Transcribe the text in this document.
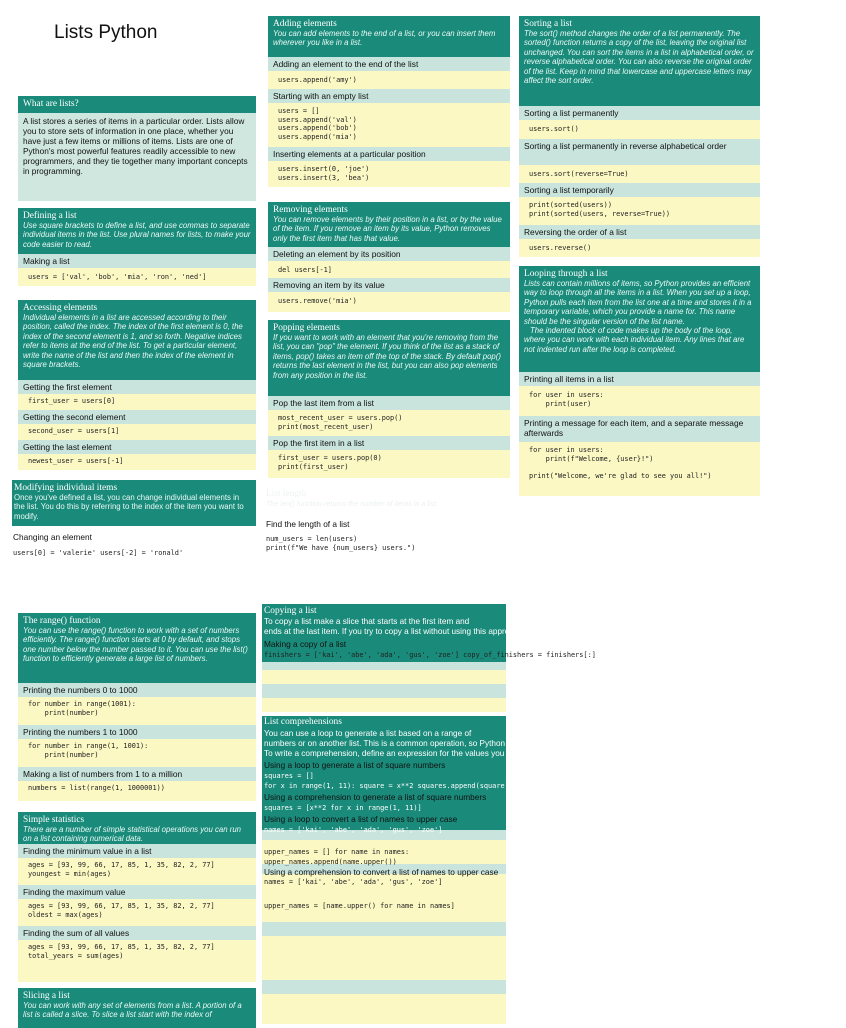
Lists Python
What are lists?
A list stores a series of items in a particular order. Lists allow you to store sets of information in one place, whether you have just a few items or millions of items. Lists are one of Python's most powerful features readily accessible to new programmers, and they tie together many important concepts in programming.
Defining a list
Use square brackets to define a list, and use commas to separate individual items in the list. Use plural names for lists, to make your code easier to read.
Making a list
users = ['val', 'bob', 'mia', 'ron', 'ned']
Accessing elements
Individual elements in a list are accessed according to their position, called the index. The index of the first element is 0, the index of the second element is 1, and so forth. Negative indices refer to items at the end of the list. To get a particular element, write the name of the list and then the index of the element in square brackets.
Getting the first element
first_user = users[0]
Getting the second element
second_user = users[1]
Getting the last element
newest_user = users[-1]
Modifying individual items
Once you've defined a list, you can change individual elements in the list. You do this by referring to the index of the item you want to modify.
Changing an element
users[0] = 'valerie' users[-2] = 'ronald'
The range() function
You can use the range() function to work with a set of numbers efficiently. The range() function starts at 0 by default, and stops one number below the number passed to it. You can use the list() function to efficiently generate a large list of numbers.
Printing the numbers 0 to 1000
for number in range(1001):
print(number)
Printing the numbers 1 to 1000
for number in range(1, 1001):
print(number)
Making a list of numbers from 1 to a million
numbers = list(range(1, 1000001))
Simple statistics
There are a number of simple statistical operations you can run on a list containing numerical data.
Finding the minimum value in a list
ages = [93, 99, 66, 17, 85, 1, 35, 82, 2, 77]
youngest = min(ages)
Finding the maximum value
ages = [93, 99, 66, 17, 85, 1, 35, 82, 2, 77]
oldest = max(ages)
Finding the sum of all values
ages = [93, 99, 66, 17, 85, 1, 35, 82, 2, 77]
total_years = sum(ages)
Slicing a list
You can work with any set of elements from a list. A portion of a list is called a slice. To slice a list start with the index of
Adding elements
You can add elements to the end of a list, or you can insert them wherever you like in a list.
Adding an element to the end of the list
users.append('amy')
Starting with an empty list
users = []
users.append('val')
users.append('bob')
users.append('mia')
Inserting elements at a particular position
users.insert(0, 'joe')
users.insert(3, 'bea')
Removing elements
You can remove elements by their position in a list, or by the value of the item. If you remove an item by its value, Python removes only the first item that has that value.
Deleting an element by its position
del users[-1]
Removing an item by its value
users.remove('mia')
Popping elements
If you want to work with an element that you're removing from the list, you can "pop" the element. If you think of the list as a stack of items, pop() takes an item off the top of the stack. By default pop() returns the last element in the list, but you can also pop elements from any position in the list.
Pop the last item from a list
most_recent_user = users.pop()
print(most_recent_user)
Pop the first item in a list
first_user = users.pop(0)
print(first_user)
List length
The len() function returns the number of items in a list.
Find the length of a list
num_users = len(users)
print(f"We have {num_users} users.")
Copying a list
To copy a list make a slice that starts at the first item and
ends at the last item. If you try to copy a list without using this approach, whatever you do to the copied list will affect the original list as well.
Making a copy of a list
finishers = ['kai', 'abe', 'ada', 'gus', 'zoe'] copy_of_finishers = finishers[:]
List comprehensions
You can use a loop to generate a list based on a range of
numbers or on another list. This is a common operation, so Python offers a more efficient way to do it. List comprehensions may look complicated at first; if so,
To write a comprehension, define an expression for the values you want to store in the list. Then write a for loop to generate input values needed to make the list.
Using a loop to generate a list of square numbers
squares = []
for x in range(1, 11): square = x**2 squares.append(square)
Using a comprehension to generate a list of square numbers
squares = [x**2 for x in range(1, 11)]
Using a loop to convert a list of names to upper case
names = ['kai', 'abe', 'ada', 'gus', 'zoe']
upper_names = [] for name in names:
upper_names.append(name.upper())
Using a comprehension to convert a list of names to upper case
names = ['kai', 'abe', 'ada', 'gus', 'zoe']
upper_names = [name.upper() for name in names]
Sorting a list
The sort() method changes the order of a list permanently. The sorted() function returns a copy of the list, leaving the original list unchanged. You can sort the items in a list in alphabetical order, or reverse alphabetical order. You can also reverse the original order of the list. Keep in mind that lowercase and uppercase letters may affect the sort order.
Sorting a list permanently
users.sort()
Sorting a list permanently in reverse alphabetical order
users.sort(reverse=True)
Sorting a list temporarily
print(sorted(users))
print(sorted(users, reverse=True))
Reversing the order of a list
users.reverse()
Looping through a list
Lists can contain millions of items, so Python provides an efficient way to loop through all the items in a list. When you set up a loop, Python pulls each item from the list one at a time and stores it in a temporary variable, which you provide a name for. This name should be the singular version of the list name.
The indented block of code makes up the body of the loop, where you can work with each individual item. Any lines that are not indented run after the loop is completed.
Printing all items in a list
for user in users:
print(user)
Printing a message for each item, and a separate message afterwards
for user in users:
print(f"Welcome, {user}!")

print("Welcome, we're glad to see you all!")
